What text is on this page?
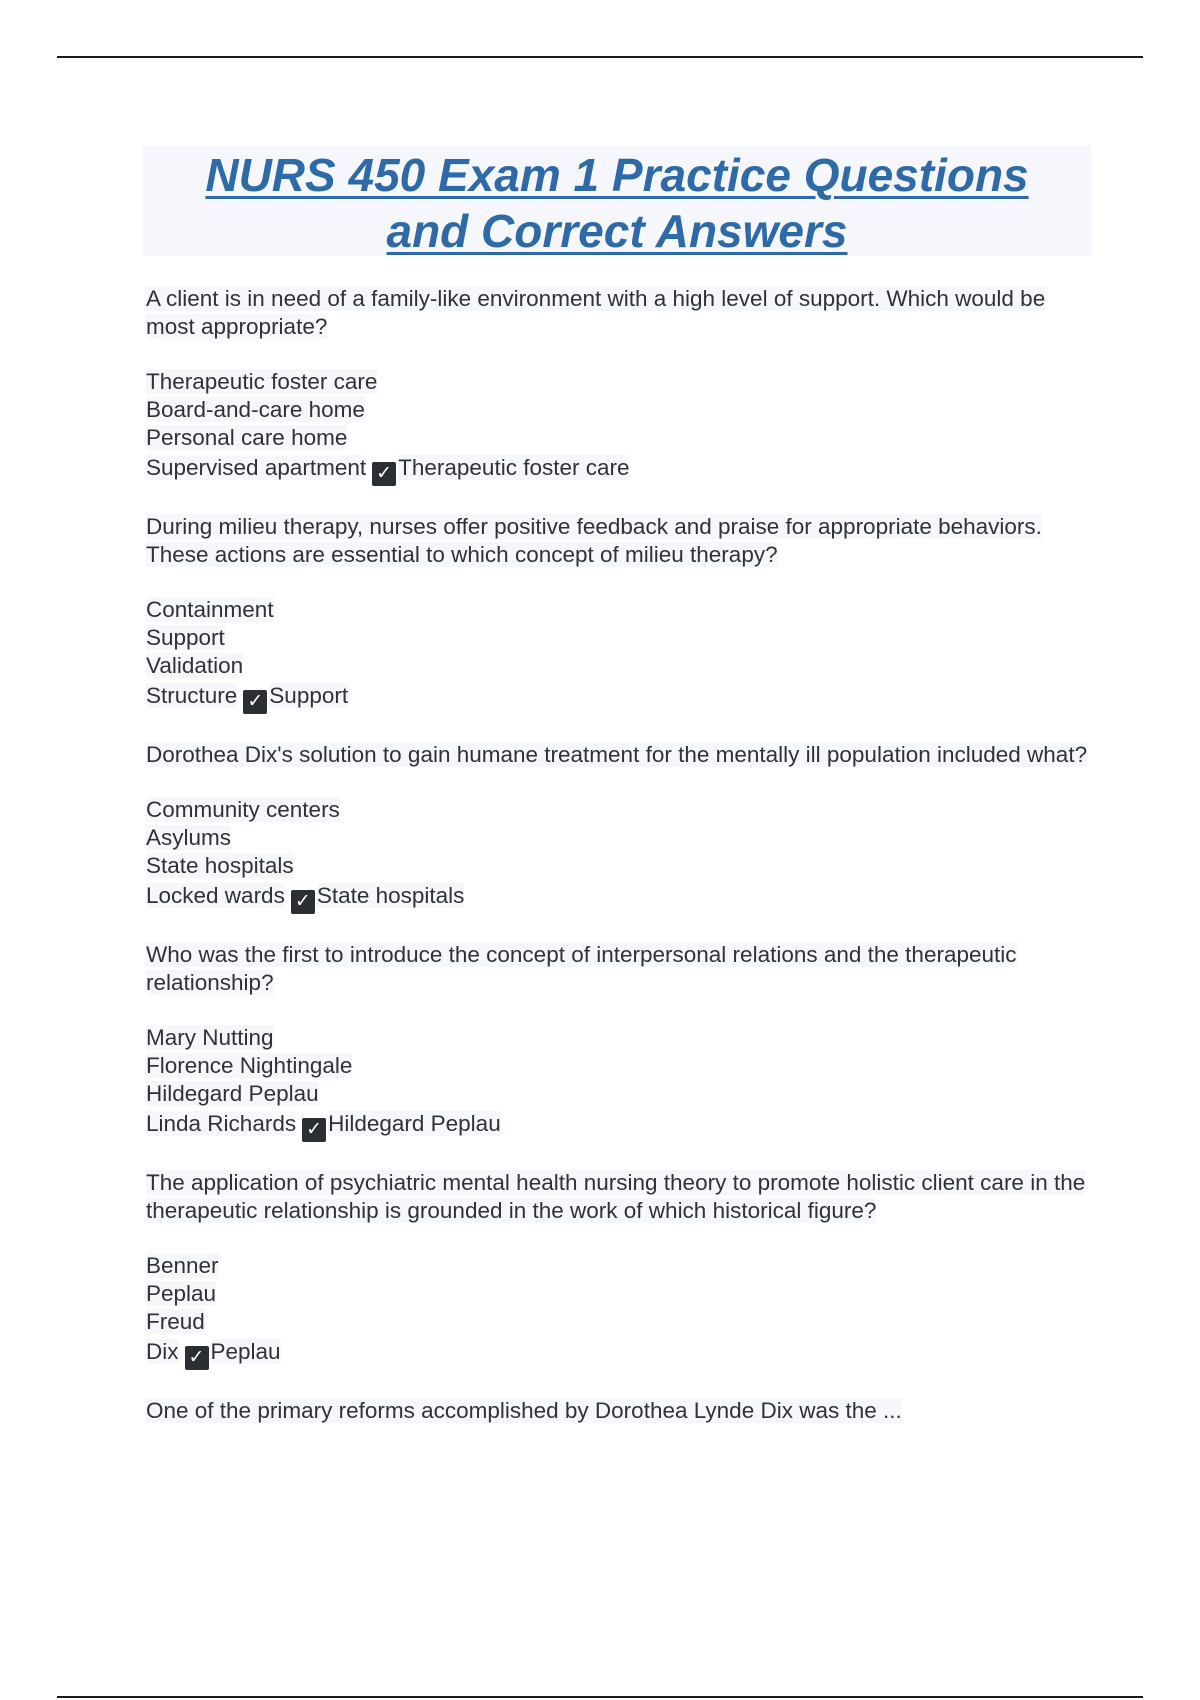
NURS 450 Exam 1 Practice Questions
and Correct Answers
A client is in need of a family-like environment with a high level of support. Which would be most appropriate?
Therapeutic foster care
Board-and-care home
Personal care home
Supervised apartment ✓ Therapeutic foster care
During milieu therapy, nurses offer positive feedback and praise for appropriate behaviors. These actions are essential to which concept of milieu therapy?
Containment
Support
Validation
Structure ✓ Support
Dorothea Dix's solution to gain humane treatment for the mentally ill population included what?
Community centers
Asylums
State hospitals
Locked wards ✓ State hospitals
Who was the first to introduce the concept of interpersonal relations and the therapeutic relationship?
Mary Nutting
Florence Nightingale
Hildegard Peplau
Linda Richards ✓ Hildegard Peplau
The application of psychiatric mental health nursing theory to promote holistic client care in the therapeutic relationship is grounded in the work of which historical figure?
Benner
Peplau
Freud
Dix ✓ Peplau
One of the primary reforms accomplished by Dorothea Lynde Dix was the ...
